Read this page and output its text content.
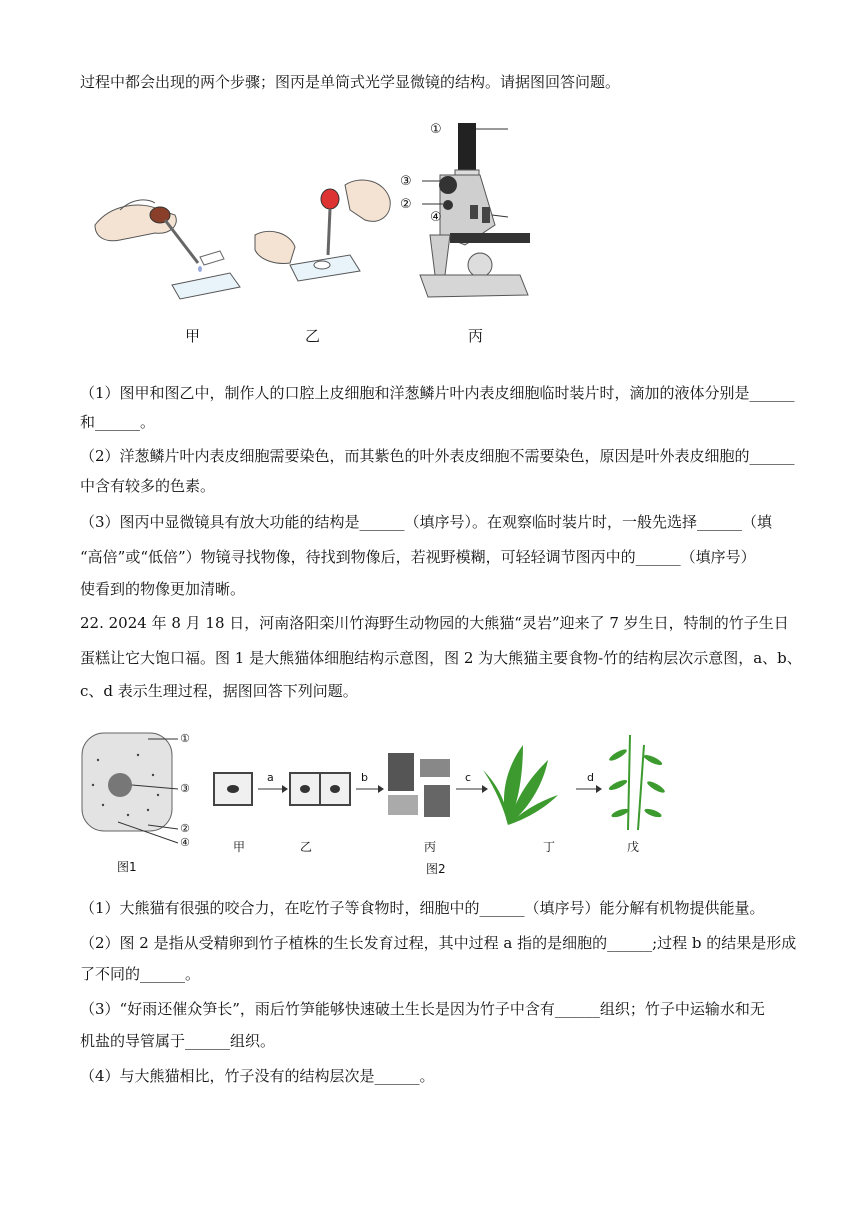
过程中都会出现的两个步骤；图丙是单筒式光学显微镜的结构。请据图回答问题。
①
③
②
④
甲	乙	丙
（1）图甲和图乙中，制作人的口腔上皮细胞和洋葱鳞片叶内表皮细胞临时装片时，滴加的液体分别是______
和______。
（2）洋葱鳞片叶内表皮细胞需要染色，而其紫色的叶外表皮细胞不需要染色，原因是叶外表皮细胞的______
中含有较多的色素。
（3）图丙中显微镜具有放大功能的结构是______（填序号）。在观察临时装片时，一般先选择______（填
“高倍”或“低倍”）物镜寻找物像，待找到物像后，若视野模糊，可轻轻调节图丙中的______（填序号）
使看到的物像更加清晰。
22. 2024 年 8 月 18 日，河南洛阳栾川竹海野生动物园的大熊猫“灵岩”迎来了 7 岁生日，特制的竹子生日
蛋糕让它大饱口福。图 1 是大熊猫体细胞结构示意图，图 2 为大熊猫主要食物-竹的结构层次示意图，a、b、
c、d 表示生理过程，据图回答下列问题。
①
③
②
④
a	b	c	d
甲	乙	丙	丁	戊
图1	图2
（1）大熊猫有很强的咬合力，在吃竹子等食物时，细胞中的______（填序号）能分解有机物提供能量。
（2）图 2 是指从受精卵到竹子植株的生长发育过程，其中过程 a 指的是细胞的______;过程 b 的结果是形成
了不同的______。
（3）“好雨还催众笋长”，雨后竹笋能够快速破土生长是因为竹子中含有______组织；竹子中运输水和无
机盐的导管属于______组织。
（4）与大熊猫相比，竹子没有的结构层次是______。
